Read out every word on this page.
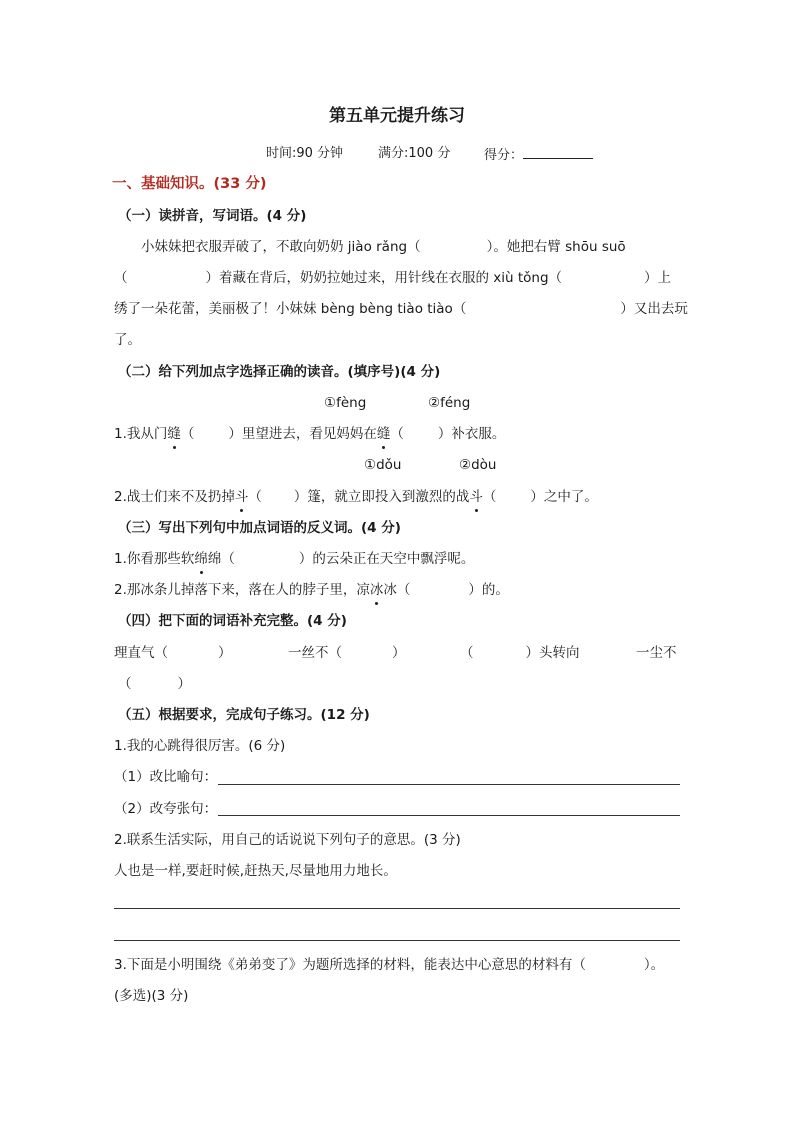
第五单元提升练习
时间:90 分钟	满分:100 分	得分：
一、基础知识。(33 分)
（一）读拼音，写词语。(4 分)
小妹妹把衣服弄破了，不敢向奶奶 jiào rǎng（	）。她把右臂 shōu suō
（	）着藏在背后，奶奶拉她过来，用针线在衣服的 xiù tǒng（	）上
绣了一朵花蕾，美丽极了！小妹妹 bèng bèng tiào tiào（	）又出去玩
了。
（二）给下列加点字选择正确的读音。(填序号)(4 分)
①fèng	②féng
1.我从门缝（	）里望进去，看见妈妈在缝（	）补衣服。
①dǒu	②dòu
2.战士们来不及扔掉斗（ ）篷，就立即投入到激烈的战斗（	）之中了。
（三）写出下列句中加点词语的反义词。(4 分)
1.你看那些软绵绵（	）的云朵正在天空中飘浮呢。
2.那冰条儿掉落下来，落在人的脖子里，凉冰冰（	）的。
（四）把下面的词语补充完整。(4 分)
理直气（	）	一丝不（	）	（	）头转向	一尘不
（	）
（五）根据要求，完成句子练习。(12 分)
1.我的心跳得很厉害。(6 分)
（1）改比喻句：
（2）改夸张句：
2.联系生活实际，用自己的话说说下列句子的意思。(3 分)
人也是一样,要赶时候,赶热天,尽量地用力地长。
3.下面是小明围绕《弟弟变了》为题所选择的材料，能表达中心意思的材料有（	）。
(多选)(3 分)
